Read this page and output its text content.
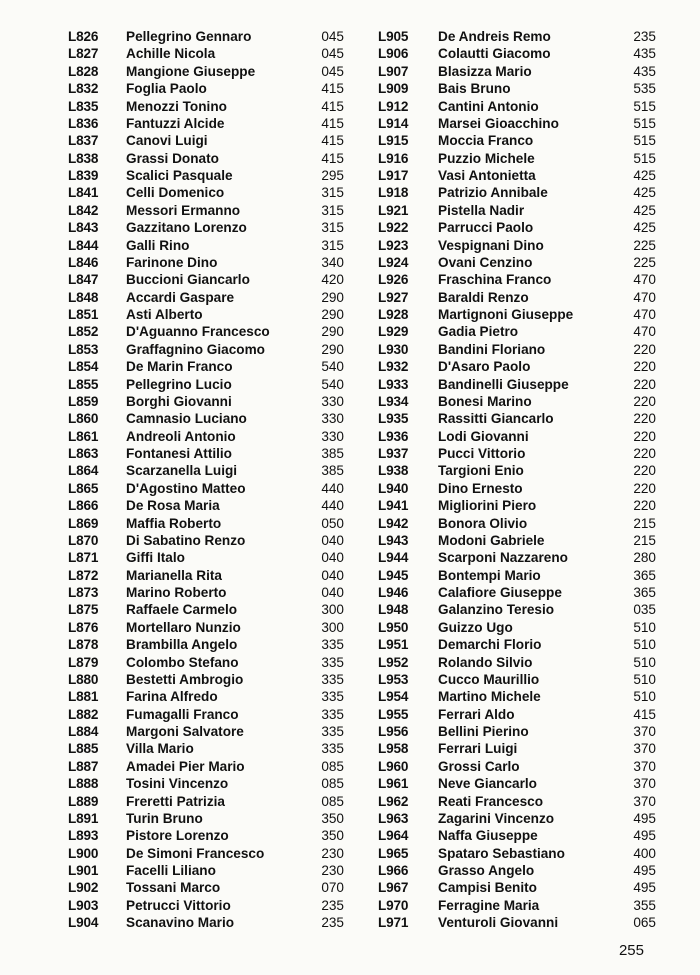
L826 Pellegrino Gennaro	045
L827 Achille Nicola	045
L828 Mangione Giuseppe	045
L832 Foglia Paolo	415
L835 Menozzi Tonino	415
L836 Fantuzzi Alcide	415
L837 Canovi Luigi	415
L838 Grassi Donato	415
L839 Scalici Pasquale	295
L841 Celli Domenico	315
L842 Messori Ermanno	315
L843 Gazzitano Lorenzo	315
L844 Galli Rino	315
L846 Farinone Dino	340
L847 Buccioni Giancarlo	420
L848 Accardi Gaspare	290
L851 Asti Alberto	290
L852 D'Aguanno Francesco	290
L853 Graffagnino Giacomo	290
L854 De Marin Franco	540
L855 Pellegrino Lucio	540
L859 Borghi Giovanni	330
L860 Camnasio Luciano	330
L861 Andreoli Antonio	330
L863 Fontanesi Attilio	385
L864 Scarzanella Luigi	385
L865 D'Agostino Matteo	440
L866 De Rosa Maria	440
L869 Maffia Roberto	050
L870 Di Sabatino Renzo	040
L871 Giffi Italo	040
L872 Marianella Rita	040
L873 Marino Roberto	040
L875 Raffaele Carmelo	300
L876 Mortellaro Nunzio	300
L878 Brambilla Angelo	335
L879 Colombo Stefano	335
L880 Bestetti Ambrogio	335
L881 Farina Alfredo	335
L882 Fumagalli Franco	335
L884 Margoni Salvatore	335
L885 Villa Mario	335
L887 Amadei Pier Mario	085
L888 Tosini Vincenzo	085
L889 Freretti Patrizia	085
L891 Turin Bruno	350
L893 Pistore Lorenzo	350
L900 De Simoni Francesco	230
L901 Facelli Liliano	230
L902 Tossani Marco	070
L903 Petrucci Vittorio	235
L904 Scanavino Mario	235
L905 De Andreis Remo	235
L906 Colautti Giacomo	435
L907 Blasizza Mario	435
L909 Bais Bruno	535
L912 Cantini Antonio	515
L914 Marsei Gioacchino	515
L915 Moccia Franco	515
L916 Puzzio Michele	515
L917 Vasi Antonietta	425
L918 Patrizio Annibale	425
L921 Pistella Nadir	425
L922 Parrucci Paolo	425
L923 Vespignani Dino	225
L924 Ovani Cenzino	225
L926 Fraschina Franco	470
L927 Baraldi Renzo	470
L928 Martignoni Giuseppe	470
L929 Gadia Pietro	470
L930 Bandini Floriano	220
L932 D'Asaro Paolo	220
L933 Bandinelli Giuseppe	220
L934 Bonesi Marino	220
L935 Rassitti Giancarlo	220
L936 Lodi Giovanni	220
L937 Pucci Vittorio	220
L938 Targioni Enio	220
L940 Dino Ernesto	220
L941 Migliorini Piero	220
L942 Bonora Olivio	215
L943 Modoni Gabriele	215
L944 Scarponi Nazzareno	280
L945 Bontempi Mario	365
L946 Calafiore Giuseppe	365
L948 Galanzino Teresio	035
L950 Guizzo Ugo	510
L951 Demarchi Florio	510
L952 Rolando Silvio	510
L953 Cucco Maurillio	510
L954 Martino Michele	510
L955 Ferrari Aldo	415
L956 Bellini Pierino	370
L958 Ferrari Luigi	370
L960 Grossi Carlo	370
L961 Neve Giancarlo	370
L962 Reati Francesco	370
L963 Zagarini Vincenzo	495
L964 Naffa Giuseppe	495
L965 Spataro Sebastiano	400
L966 Grasso Angelo	495
L967 Campisi Benito	495
L970 Ferragine Maria	355
L971 Venturoli Giovanni	065
255
